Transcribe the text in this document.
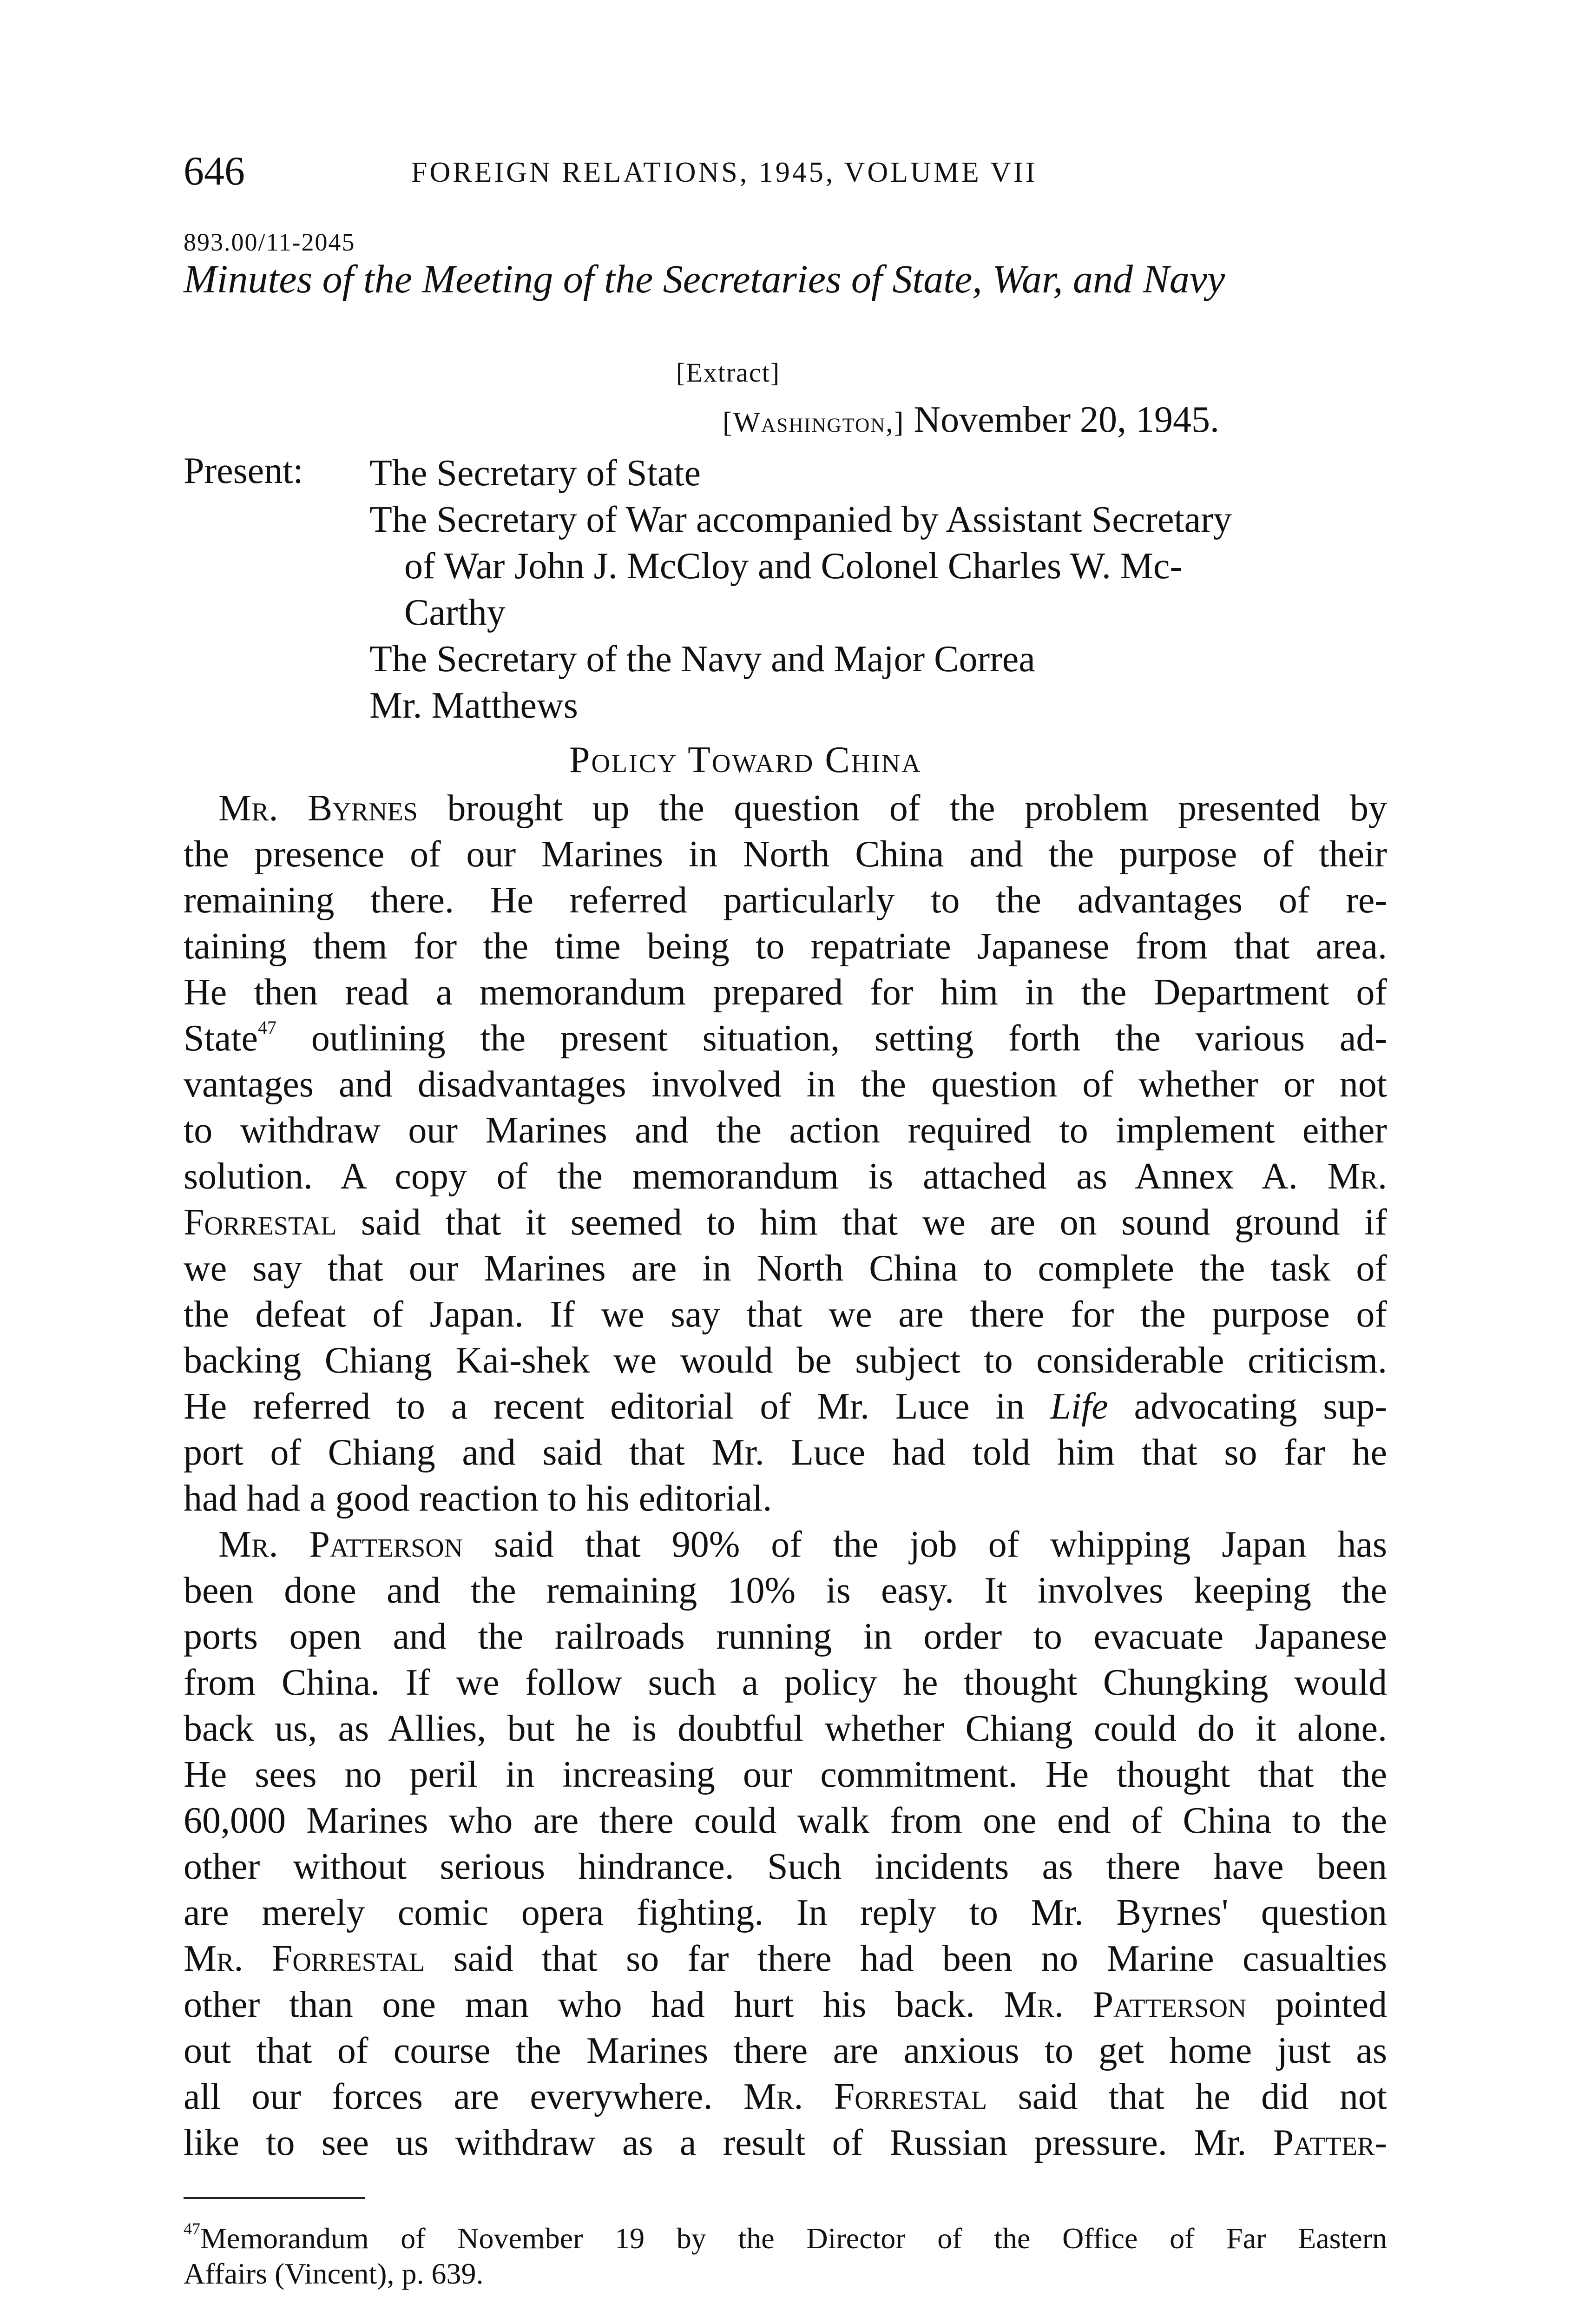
646	FOREIGN RELATIONS, 1945, VOLUME VII
893.00/11-2045
Minutes of the Meeting of the Secretaries of State, War, and Navy
[Extract]
[Washington,] November 20, 1945.
Present: The Secretary of State
The Secretary of War accompanied by Assistant Secretary
of War John J. McCloy and Colonel Charles W. Mc-
Carthy
The Secretary of the Navy and Major Correa
Mr. Matthews
Policy Toward China
Mr. Byrnes brought up the question of the problem presented by
the presence of our Marines in North China and the purpose of their
remaining there. He referred particularly to the advantages of re-
taining them for the time being to repatriate Japanese from that area.
He then read a memorandum prepared for him in the Department of
State$^{47}$ outlining the present situation, setting forth the various ad-
vantages and disadvantages involved in the question of whether or not
to withdraw our Marines and the action required to implement either
solution. A copy of the memorandum is attached as Annex A. Mr.
Forrestal said that it seemed to him that we are on sound ground if
we say that our Marines are in North China to complete the task of
the defeat of Japan. If we say that we are there for the purpose of
backing Chiang Kai-shek we would be subject to considerable criticism.
He referred to a recent editorial of Mr. Luce in Life advocating sup-
port of Chiang and said that Mr. Luce had told him that so far he
had had a good reaction to his editorial.
Mr. Patterson said that 90% of the job of whipping Japan has
been done and the remaining 10% is easy. It involves keeping the
ports open and the railroads running in order to evacuate Japanese
from China. If we follow such a policy he thought Chungking would
back us, as Allies, but he is doubtful whether Chiang could do it alone.
He sees no peril in increasing our commitment. He thought that the
60,000 Marines who are there could walk from one end of China to the
other without serious hindrance. Such incidents as there have been
are merely comic opera fighting. In reply to Mr. Byrnes' question
Mr. Forrestal said that so far there had been no Marine casualties
other than one man who had hurt his back. Mr. Patterson pointed
out that of course the Marines there are anxious to get home just as
all our forces are everywhere. Mr. Forrestal said that he did not
like to see us withdraw as a result of Russian pressure. Mr. Patter-
$^{47}$Memorandum of November 19 by the Director of the Office of Far Eastern
Affairs (Vincent), p. 639.
